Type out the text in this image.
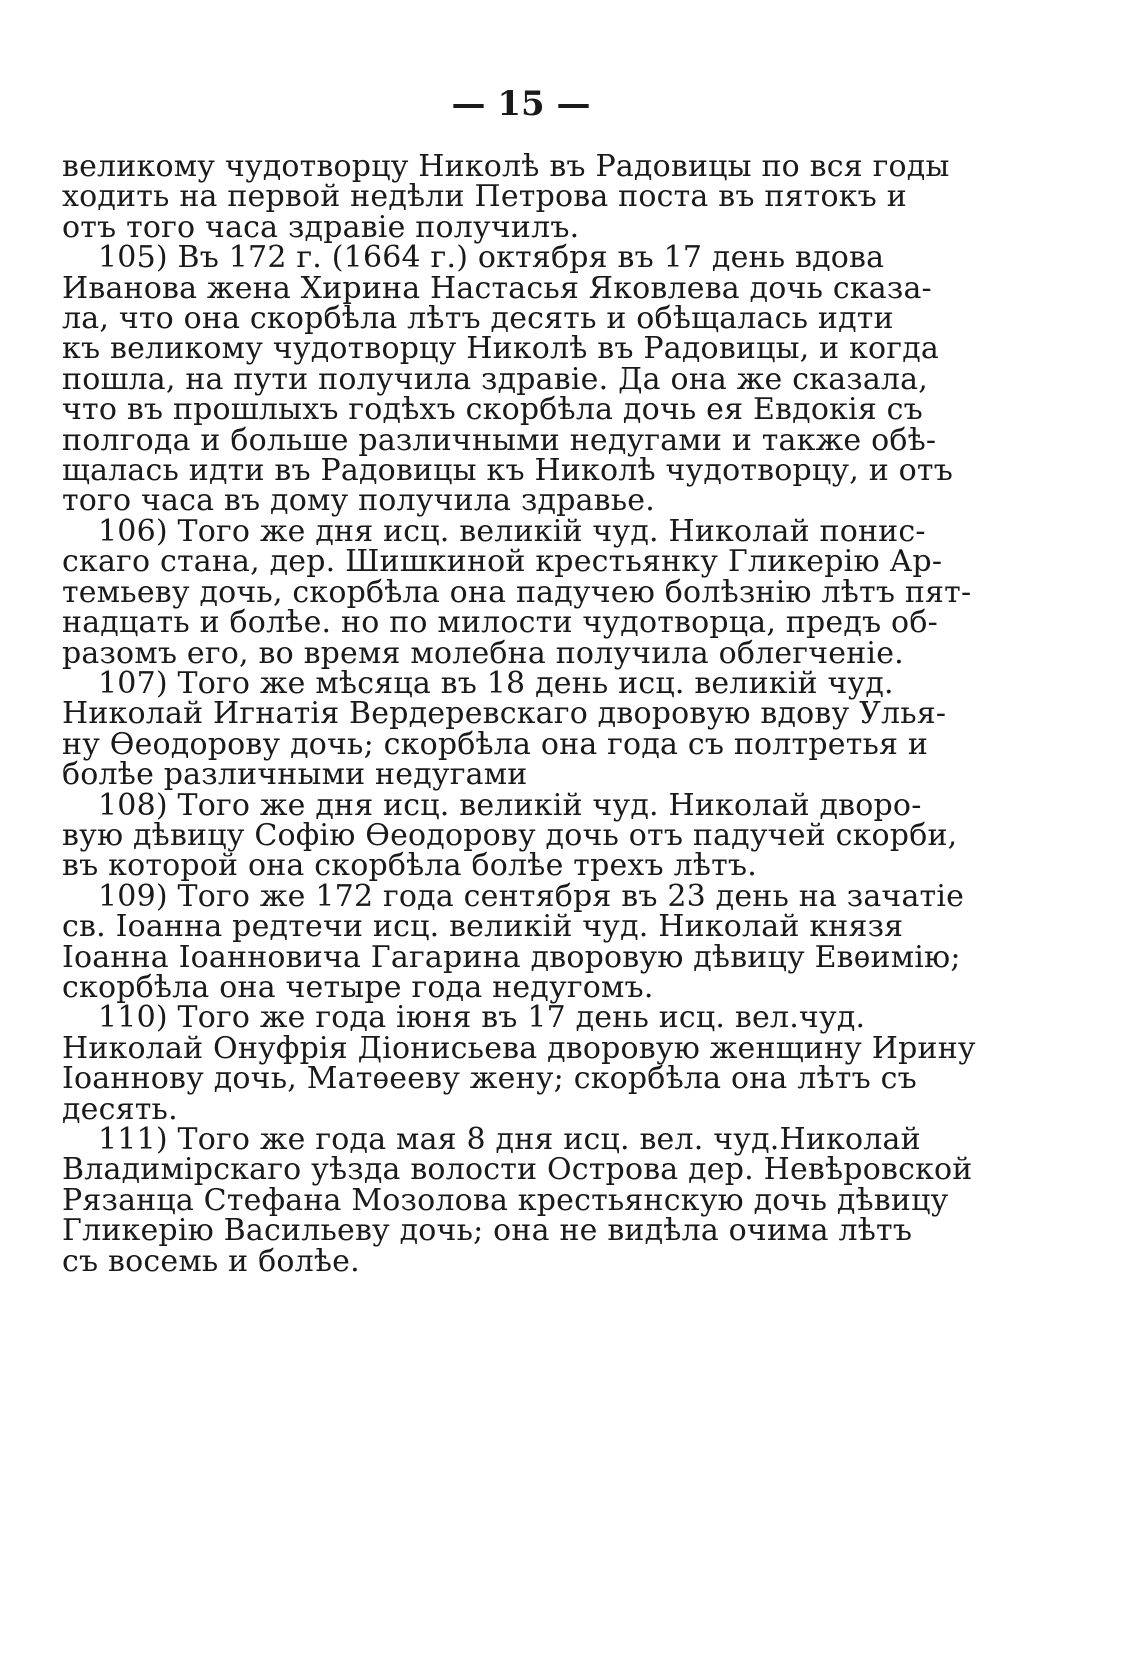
— 15 —
великому чудотворцу Николѣ въ Радовицы по вся годы
ходить на первой недѣли Петрова поста въ пятокъ и
отъ того часа здравіе получилъ.
105) Въ 172 г. (1664 г.) октября въ 17 день вдова
Иванова жена Хирина Настасья Яковлева дочь сказа-
ла, что она скорбѣла лѣтъ десять и обѣщалась идти
къ великому чудотворцу Николѣ въ Радовицы, и когда
пошла, на пути получила здравіе. Да она же сказала,
что въ прошлыхъ годѣхъ скорбѣла дочь ея Евдокія съ
полгода и больше различными недугами и также обѣ-
щалась идти въ Радовицы къ Николѣ чудотворцу, и отъ
того часа въ дому получила здравье.
106) Того же дня исц. великій чуд. Николай понис-
скаго стана, дер. Шишкиной крестьянку Гликерію Ар-
темьеву дочь, скорбѣла она падучею болѣзнію лѣтъ пят-
надцать и болѣе. но по милости чудотворца, предъ об-
разомъ его, во время молебна получила облегченіе.
107) Того же мѣсяца въ 18 день исц. великій чуд.
Николай Игнатія Вердеревскаго дворовую вдову Улья-
ну Ѳеодорову дочь; скорбѣла она года съ полтретья и
болѣе различными недугами
108) Того же дня исц. великій чуд. Николай дворо-
вую дѣвицу Софію Ѳеодорову дочь отъ падучей скорби,
въ которой она скорбѣла болѣе трехъ лѣтъ.
109) Того же 172 года сентября въ 23 день на зачатіе
св. Іоанна редтечи исц. великій чуд. Николай князя
Іоанна Іоанновича Гагарина дворовую дѣвицу Евѳимію;
скорбѣла она четыре года недугомъ.
110) Того же года іюня въ 17 день исц. вел.чуд.
Николай Онуфрія Діонисьева дворовую женщину Ирину
Іоаннову дочь, Матѳееву жену; скорбѣла она лѣтъ съ
десять.
111) Того же года мая 8 дня исц. вел. чуд.Николай
Владимірскаго уѣзда волости Острова дер. Невѣровской
Рязанца Стефана Мозолова крестьянскую дочь дѣвицу
Гликерію Васильеву дочь; она не видѣла очима лѣтъ
съ восемь и болѣе.
